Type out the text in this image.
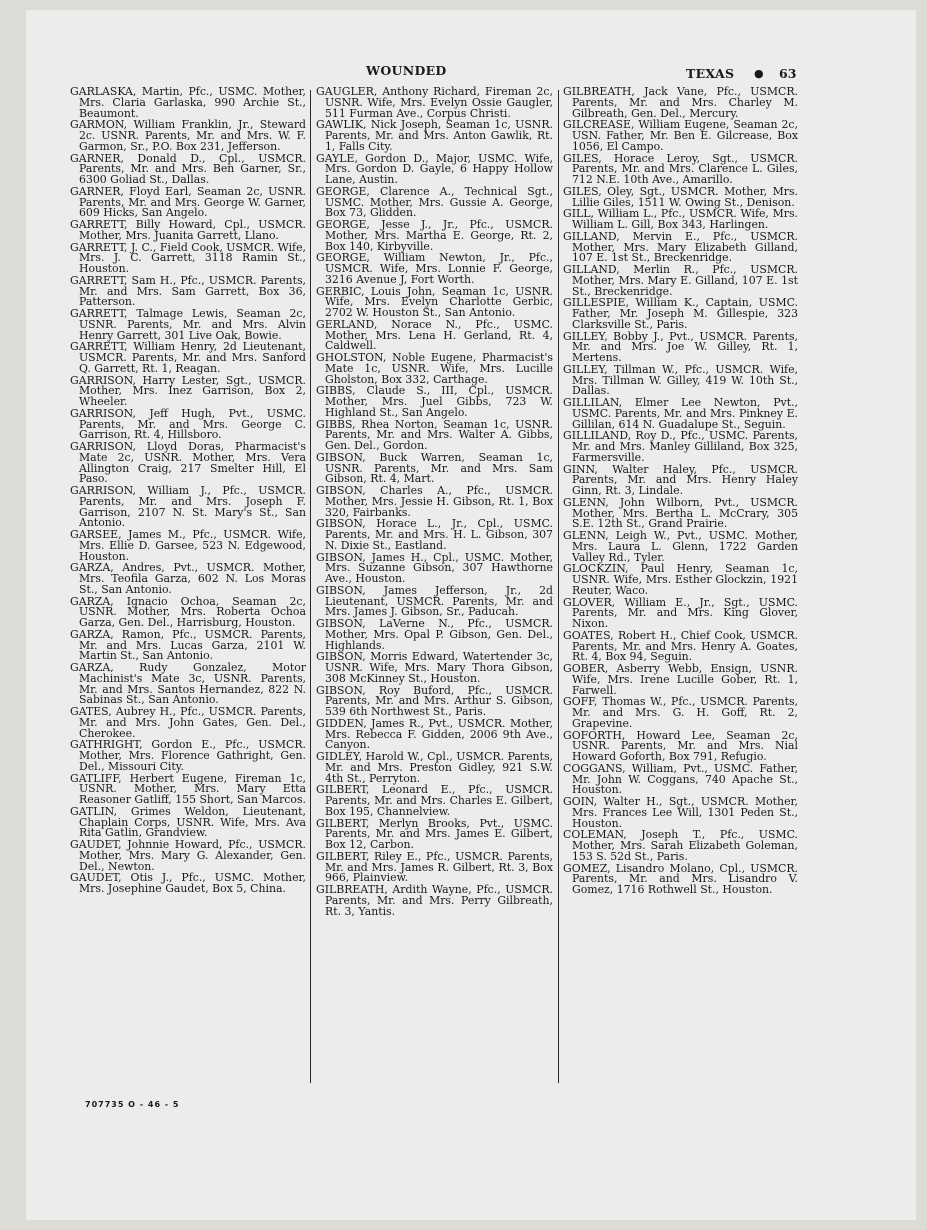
WOUNDED	TEXAS ● 63

GARLASKA, Martin, Pfc., USMC. Mother, Mrs. Claria Garlaska, 990 Archie St., Beaumont.

GARMON, William Franklin, Jr., Steward 2c. USNR. Parents, Mr. and Mrs. W. F. Garmon, Sr., P.O. Box 231, Jefferson.

GARNER, Donald D., Cpl., USMCR. Parents, Mr. and Mrs. Ben Garner, Sr., 6300 Goliad St., Dallas.

GARNER, Floyd Earl, Seaman 2c, USNR. Parents, Mr. and Mrs. George W. Garner, 609 Hicks, San Angelo.

GARRETT, Billy Howard, Cpl., USMCR. Mother, Mrs. Juanita Garrett, Llano.

GARRETT, J. C., Field Cook, USMCR. Wife, Mrs. J. C. Garrett, 3118 Ramin St., Houston.

GARRETT, Sam H., Pfc., USMCR. Parents, Mr. and Mrs. Sam Garrett, Box 36, Patterson.

GARRETT, Talmage Lewis, Seaman 2c, USNR. Parents, Mr. and Mrs. Alvin Henry Garrett, 301 Live Oak, Bowie.

GARRETT, William Henry, 2d Lieutenant, USMCR. Parents, Mr. and Mrs. Sanford Q. Garrett, Rt. 1, Reagan.

GARRISON, Harry Lester, Sgt., USMCR. Mother, Mrs. Inez Garrison, Box 2, Wheeler.

GARRISON, Jeff Hugh, Pvt., USMC. Parents, Mr. and Mrs. George C. Garrison, Rt. 4, Hillsboro.

GARRISON, Lloyd Doras, Pharmacist's Mate 2c, USNR. Mother, Mrs. Vera Allington Craig, 217 Smelter Hill, El Paso.

GARRISON, William J., Pfc., USMCR. Parents, Mr. and Mrs. Joseph F. Garrison, 2107 N. St. Mary's St., San Antonio.

GARSEE, James M., Pfc., USMCR. Wife, Mrs. Ellie D. Garsee, 523 N. Edgewood, Houston.

GARZA, Andres, Pvt., USMCR. Mother, Mrs. Teofila Garza, 602 N. Los Moras St., San Antonio.

GARZA, Ignacio Ochoa, Seaman 2c, USNR. Mother, Mrs. Roberta Ochoa Garza, Gen. Del., Harrisburg, Houston.

GARZA, Ramon, Pfc., USMCR. Parents, Mr. and Mrs. Lucas Garza, 2101 W. Martin St., San Antonio.

GARZA, Rudy Gonzalez, Motor Machinist's Mate 3c, USNR. Parents, Mr. and Mrs. Santos Hernandez, 822 N. Sabinas St., San Antonio.

GATES, Aubrey H., Pfc., USMCR. Parents, Mr. and Mrs. John Gates, Gen. Del., Cherokee.

GATHRIGHT, Gordon E., Pfc., USMCR. Mother, Mrs. Florence Gathright, Gen. Del., Missouri City.

GATLIFF, Herbert Eugene, Fireman 1c, USNR. Mother, Mrs. Mary Etta Reasoner Gatliff, 155 Short, San Marcos.

GATLIN, Grimes Weldon, Lieutenant, Chaplain Corps, USNR. Wife, Mrs. Ava Rita Gatlin, Grandview.

GAUDET, Johnnie Howard, Pfc., USMCR. Mother, Mrs. Mary G. Alexander, Gen. Del., Newton.

GAUDET, Otis J., Pfc., USMC. Mother, Mrs. Josephine Gaudet, Box 5, China.

GAUGLER, Anthony Richard, Fireman 2c, USNR. Wife, Mrs. Evelyn Ossie Gaugler, 511 Furman Ave., Corpus Christi.

GAWLIK, Nick Joseph, Seaman 1c, USNR. Parents, Mr. and Mrs. Anton Gawlik, Rt. 1, Falls City.

GAYLE, Gordon D., Major, USMC. Wife, Mrs. Gordon D. Gayle, 6 Happy Hollow Lane, Austin.

GEORGE, Clarence A., Technical Sgt., USMC. Mother, Mrs. Gussie A. George, Box 73, Glidden.

GEORGE, Jesse J., Jr., Pfc., USMCR. Mother, Mrs. Martha E. George, Rt. 2, Box 140, Kirbyville.

GEORGE, William Newton, Jr., Pfc., USMCR. Wife, Mrs. Lonnie F. George, 3216 Avenue J, Fort Worth.

GERBIC, Louis John, Seaman 1c, USNR. Wife, Mrs. Evelyn Charlotte Gerbic, 2702 W. Houston St., San Antonio.

GERLAND, Norace N., Pfc., USMC. Mother, Mrs. Lena H. Gerland, Rt. 4, Caldwell.

GHOLSTON, Noble Eugene, Pharmacist's Mate 1c, USNR. Wife, Mrs. Lucille Gholston, Box 332, Carthage.

GIBBS, Claude S., III, Cpl., USMCR. Mother, Mrs. Juel Gibbs, 723 W. Highland St., San Angelo.

GIBBS, Rhea Norton, Seaman 1c, USNR. Parents, Mr. and Mrs. Walter A. Gibbs, Gen. Del., Gordon.

GIBSON, Buck Warren, Seaman 1c, USNR. Parents, Mr. and Mrs. Sam Gibson, Rt. 4, Mart.

GIBSON, Charles A., Pfc., USMCR. Mother, Mrs. Jessie H. Gibson, Rt. 1, Box 320, Fairbanks.

GIBSON, Horace L., Jr., Cpl., USMC. Parents, Mr. and Mrs. H. L. Gibson, 307 N. Dixie St., Eastland.

GIBSON, James H., Cpl., USMC. Mother, Mrs. Suzanne Gibson, 307 Hawthorne Ave., Houston.

GIBSON, James Jefferson, Jr., 2d Lieutenant, USMCR. Parents, Mr. and Mrs. James J. Gibson, Sr., Paducah.

GIBSON, LaVerne N., Pfc., USMCR. Mother, Mrs. Opal P. Gibson, Gen. Del., Highlands.

GIBSON, Morris Edward, Watertender 3c, USNR. Wife, Mrs. Mary Thora Gibson, 308 McKinney St., Houston.

GIBSON, Roy Buford, Pfc., USMCR. Parents, Mr. and Mrs. Arthur S. Gibson, 539 6th Northwest St., Paris.

GIDDEN, James R., Pvt., USMCR. Mother, Mrs. Rebecca F. Gidden, 2006 9th Ave., Canyon.

GIDLEY, Harold W., Cpl., USMCR. Parents, Mr. and Mrs. Preston Gidley, 921 S.W. 4th St., Perryton.

GILBERT, Leonard E., Pfc., USMCR. Parents, Mr. and Mrs. Charles E. Gilbert, Box 195, Channelview.

GILBERT, Merlyn Brooks, Pvt., USMC. Parents, Mr. and Mrs. James E. Gilbert, Box 12, Carbon.

GILBERT, Riley E., Pfc., USMCR. Parents, Mr. and Mrs. James R. Gilbert, Rt. 3, Box 966, Plainview.

GILBREATH, Ardith Wayne, Pfc., USMCR. Parents, Mr. and Mrs. Perry Gilbreath, Rt. 3, Yantis.

GILBREATH, Jack Vane, Pfc., USMCR. Parents, Mr. and Mrs. Charley M. Gilbreath, Gen. Del., Mercury.

GILCREASE, William Eugene, Seaman 2c, USN. Father, Mr. Ben E. Gilcrease, Box 1056, El Campo.

GILES, Horace Leroy, Sgt., USMCR. Parents, Mr. and Mrs. Clarence L. Giles, 712 N.E. 10th Ave., Amarillo.

GILES, Oley, Sgt., USMCR. Mother, Mrs. Lillie Giles, 1511 W. Owing St., Denison.

GILL, William L., Pfc., USMCR. Wife, Mrs. William L. Gill, Box 343, Harlingen.

GILLAND, Mervin E., Pfc., USMCR. Mother, Mrs. Mary Elizabeth Gilland, 107 E. 1st St., Breckenridge.

GILLAND, Merlin R., Pfc., USMCR. Mother, Mrs. Mary E. Gilland, 107 E. 1st St., Breckenridge.

GILLESPIE, William K., Captain, USMC. Father, Mr. Joseph M. Gillespie, 323 Clarksville St., Paris.

GILLEY, Bobby J., Pvt., USMCR. Parents, Mr. and Mrs. Joe W. Gilley, Rt. 1, Mertens.

GILLEY, Tillman W., Pfc., USMCR. Wife, Mrs. Tillman W. Gilley, 419 W. 10th St., Dallas.

GILLILAN, Elmer Lee Newton, Pvt., USMC. Parents, Mr. and Mrs. Pinkney E. Gillilan, 614 N. Guadalupe St., Seguin.

GILLILAND, Roy D., Pfc., USMC. Parents, Mr. and Mrs. Manley Gilliland, Box 325, Farmersville.

GINN, Walter Haley, Pfc., USMCR. Parents, Mr. and Mrs. Henry Haley Ginn, Rt. 3, Lindale.

GLENN, John Wilborn, Pvt., USMCR. Mother, Mrs. Bertha L. McCrary, 305 S.E. 12th St., Grand Prairie.

GLENN, Leigh W., Pvt., USMC. Mother, Mrs. Laura L. Glenn, 1722 Garden Valley Rd., Tyler.

GLOCKZIN, Paul Henry, Seaman 1c, USNR. Wife, Mrs. Esther Glockzin, 1921 Reuter, Waco.

GLOVER, William E., Jr., Sgt., USMC. Parents, Mr. and Mrs. King Glover, Nixon.

GOATES, Robert H., Chief Cook, USMCR. Parents, Mr. and Mrs. Henry A. Goates, Rt. 4, Box 94, Seguin.

GOBER, Asberry Webb, Ensign, USNR. Wife, Mrs. Irene Lucille Gober, Rt. 1, Farwell.

GOFF, Thomas W., Pfc., USMCR. Parents, Mr. and Mrs. G. H. Goff, Rt. 2, Grapevine.

GOFORTH, Howard Lee, Seaman 2c, USNR. Parents, Mr. and Mrs. Nial Howard Goforth, Box 791, Refugio.

COGGANS, William, Pvt., USMC. Father, Mr. John W. Coggans, 740 Apache St., Houston.

GOIN, Walter H., Sgt., USMCR. Mother, Mrs. Frances Lee Will, 1301 Peden St., Houston.

COLEMAN, Joseph T., Pfc., USMC. Mother, Mrs. Sarah Elizabeth Goleman, 153 S. 52d St., Paris.

GOMEZ, Lisandro Molano, Cpl., USMCR. Parents, Mr. and Mrs. Lisandro V. Gomez, 1716 Rothwell St., Houston.

707735 O - 46 - 5
